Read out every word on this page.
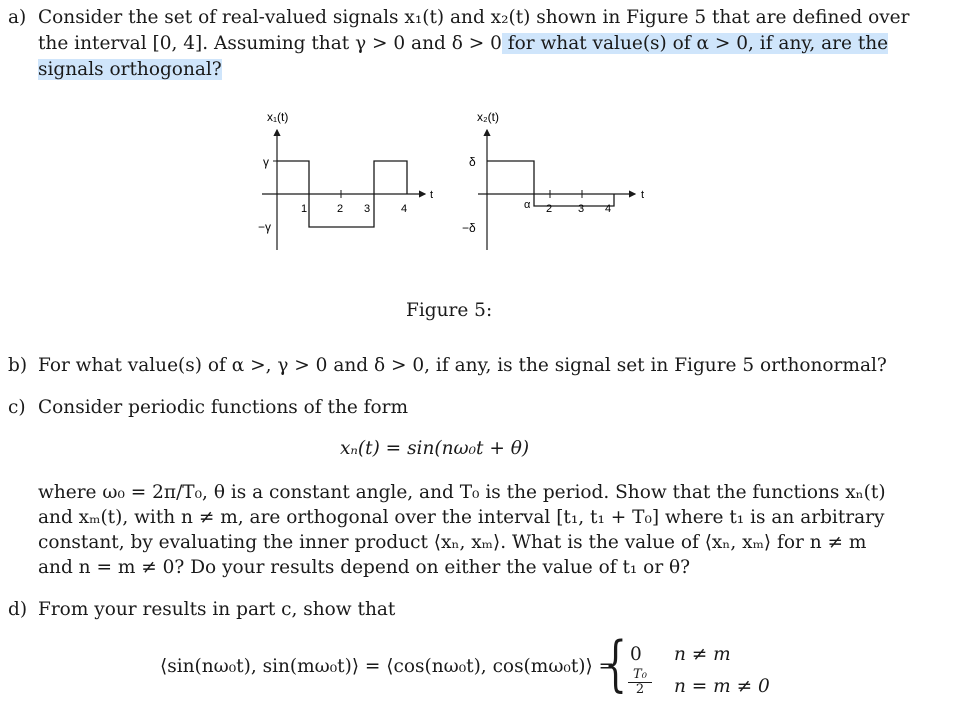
a) Consider the set of real-valued signals x₁(t) and x₂(t) shown in Figure 5 that are defined over
the interval [0, 4]. Assuming that γ > 0 and δ > 0 for what value(s) of α > 0, if any, are the
signals orthogonal?
x₁(t)
γ
−γ
1	2 3	4
t
x₂(t)
δ
−δ
α 2 3 4
t
Figure 5:
b) For what value(s) of α >, γ > 0 and δ > 0, if any, is the signal set in Figure 5 orthonormal?
c) Consider periodic functions of the form
xₙ(t) = sin(nω₀t + θ)
where ω₀ = 2π/T₀, θ is a constant angle, and T₀ is the period. Show that the functions xₙ(t)
and xₘ(t), with n ≠ m, are orthogonal over the interval [t₁, t₁ + T₀] where t₁ is an arbitrary
constant, by evaluating the inner product ⟨xₙ, xₘ⟩. What is the value of ⟨xₙ, xₘ⟩ for n ≠ m
and n = m ≠ 0? Do your results depend on either the value of t₁ or θ?
d) From your results in part c, show that
⟨sin(nω₀t), sin(mω₀t)⟩ = ⟨cos(nω₀t), cos(mω₀t)⟩ =
{ 0 n ≠ m
$\frac{\text{T₀}}{2}$ n = m ≠ 0
